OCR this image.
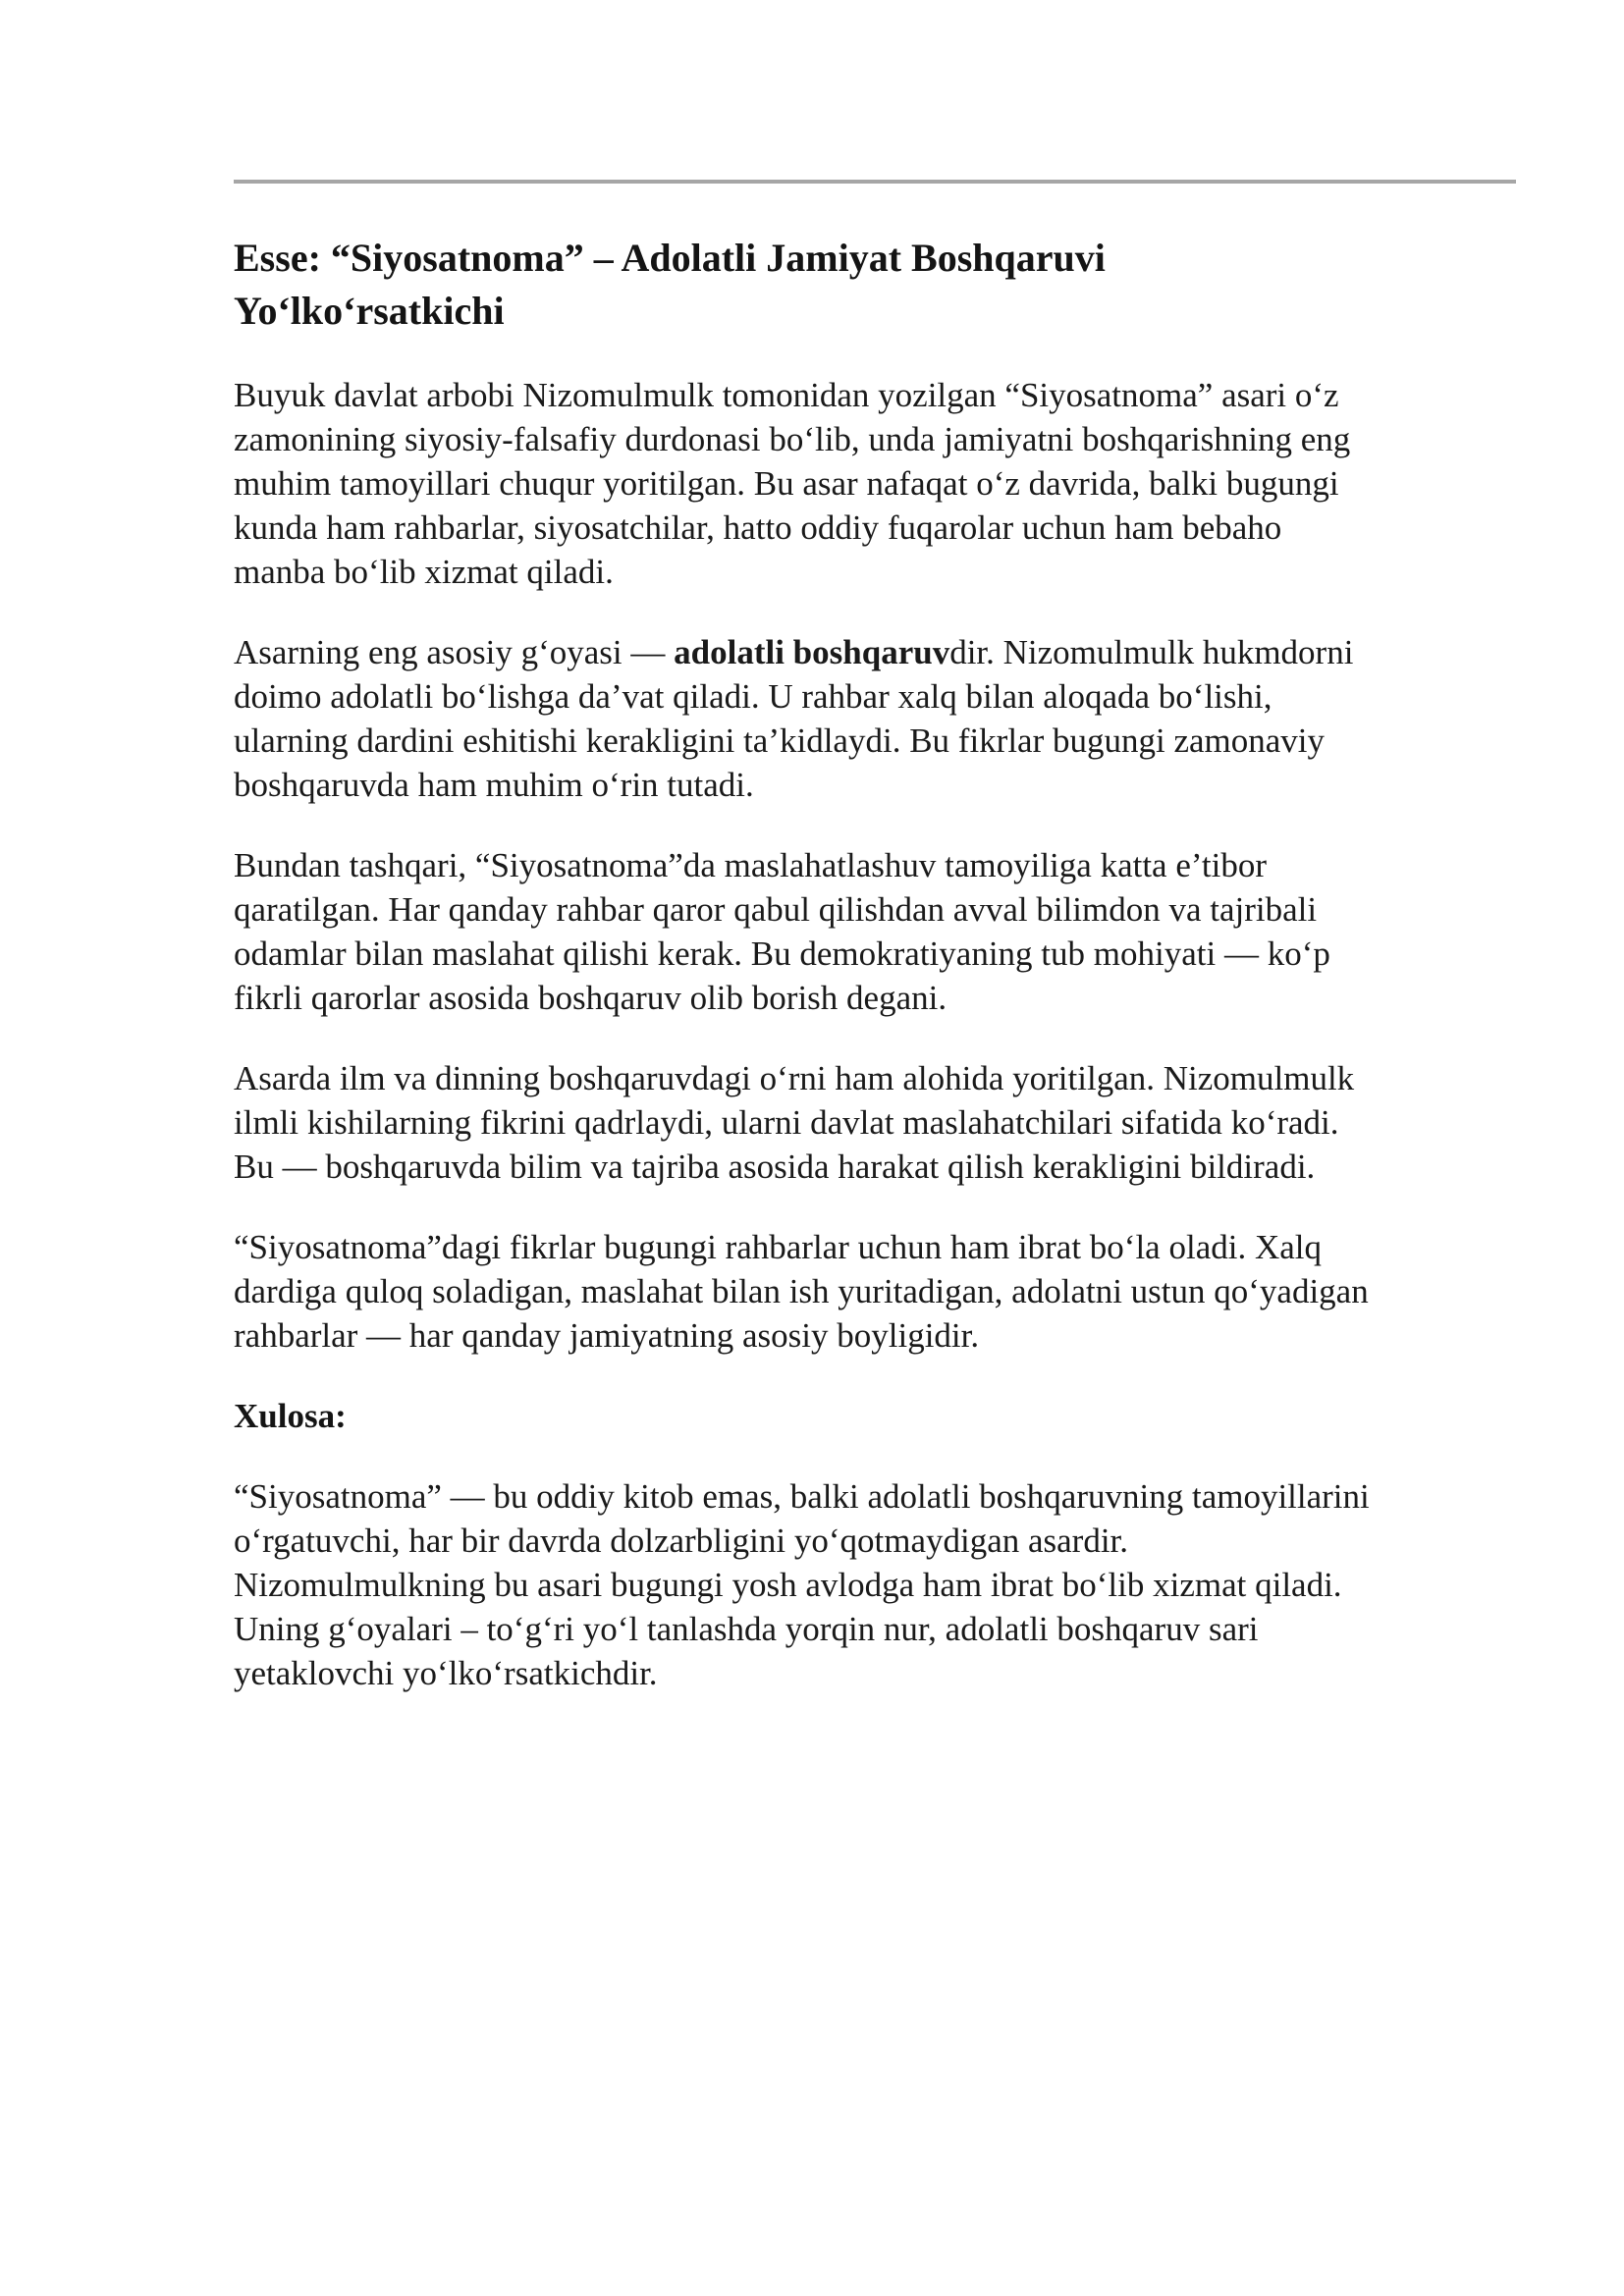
Esse: “Siyosatnoma” – Adolatli Jamiyat Boshqaruvi
Yo‘lko‘rsatkichi

Buyuk davlat arbobi Nizomulmulk tomonidan yozilgan “Siyosatnoma” asari o‘z
zamonining siyosiy-falsafiy durdonasi bo‘lib, unda jamiyatni boshqarishning eng
muhim tamoyillari chuqur yoritilgan. Bu asar nafaqat o‘z davrida, balki bugungi
kunda ham rahbarlar, siyosatchilar, hatto oddiy fuqarolar uchun ham bebaho
manba bo‘lib xizmat qiladi.

Asarning eng asosiy g‘oyasi — adolatli boshqaruvdir. Nizomulmulk hukmdorni
doimo adolatli bo‘lishga da’vat qiladi. U rahbar xalq bilan aloqada bo‘lishi,
ularning dardini eshitishi kerakligini ta’kidlaydi. Bu fikrlar bugungi zamonaviy
boshqaruvda ham muhim o‘rin tutadi.

Bundan tashqari, “Siyosatnoma”da maslahatlashuv tamoyiliga katta e’tibor
qaratilgan. Har qanday rahbar qaror qabul qilishdan avval bilimdon va tajribali
odamlar bilan maslahat qilishi kerak. Bu demokratiyaning tub mohiyati — ko‘p
fikrli qarorlar asosida boshqaruv olib borish degani.

Asarda ilm va dinning boshqaruvdagi o‘rni ham alohida yoritilgan. Nizomulmulk
ilmli kishilarning fikrini qadrlaydi, ularni davlat maslahatchilari sifatida ko‘radi.
Bu — boshqaruvda bilim va tajriba asosida harakat qilish kerakligini bildiradi.

“Siyosatnoma”dagi fikrlar bugungi rahbarlar uchun ham ibrat bo‘la oladi. Xalq
dardiga quloq soladigan, maslahat bilan ish yuritadigan, adolatni ustun qo‘yadigan
rahbarlar — har qanday jamiyatning asosiy boyligidir.

Xulosa:

“Siyosatnoma” — bu oddiy kitob emas, balki adolatli boshqaruvning tamoyillarini
o‘rgatuvchi, har bir davrda dolzarbligini yo‘qotmaydigan asardir.
Nizomulmulkning bu asari bugungi yosh avlodga ham ibrat bo‘lib xizmat qiladi.
Uning g‘oyalari – to‘g‘ri yo‘l tanlashda yorqin nur, adolatli boshqaruv sari
yetaklovchi yo‘lko‘rsatkichdir.
